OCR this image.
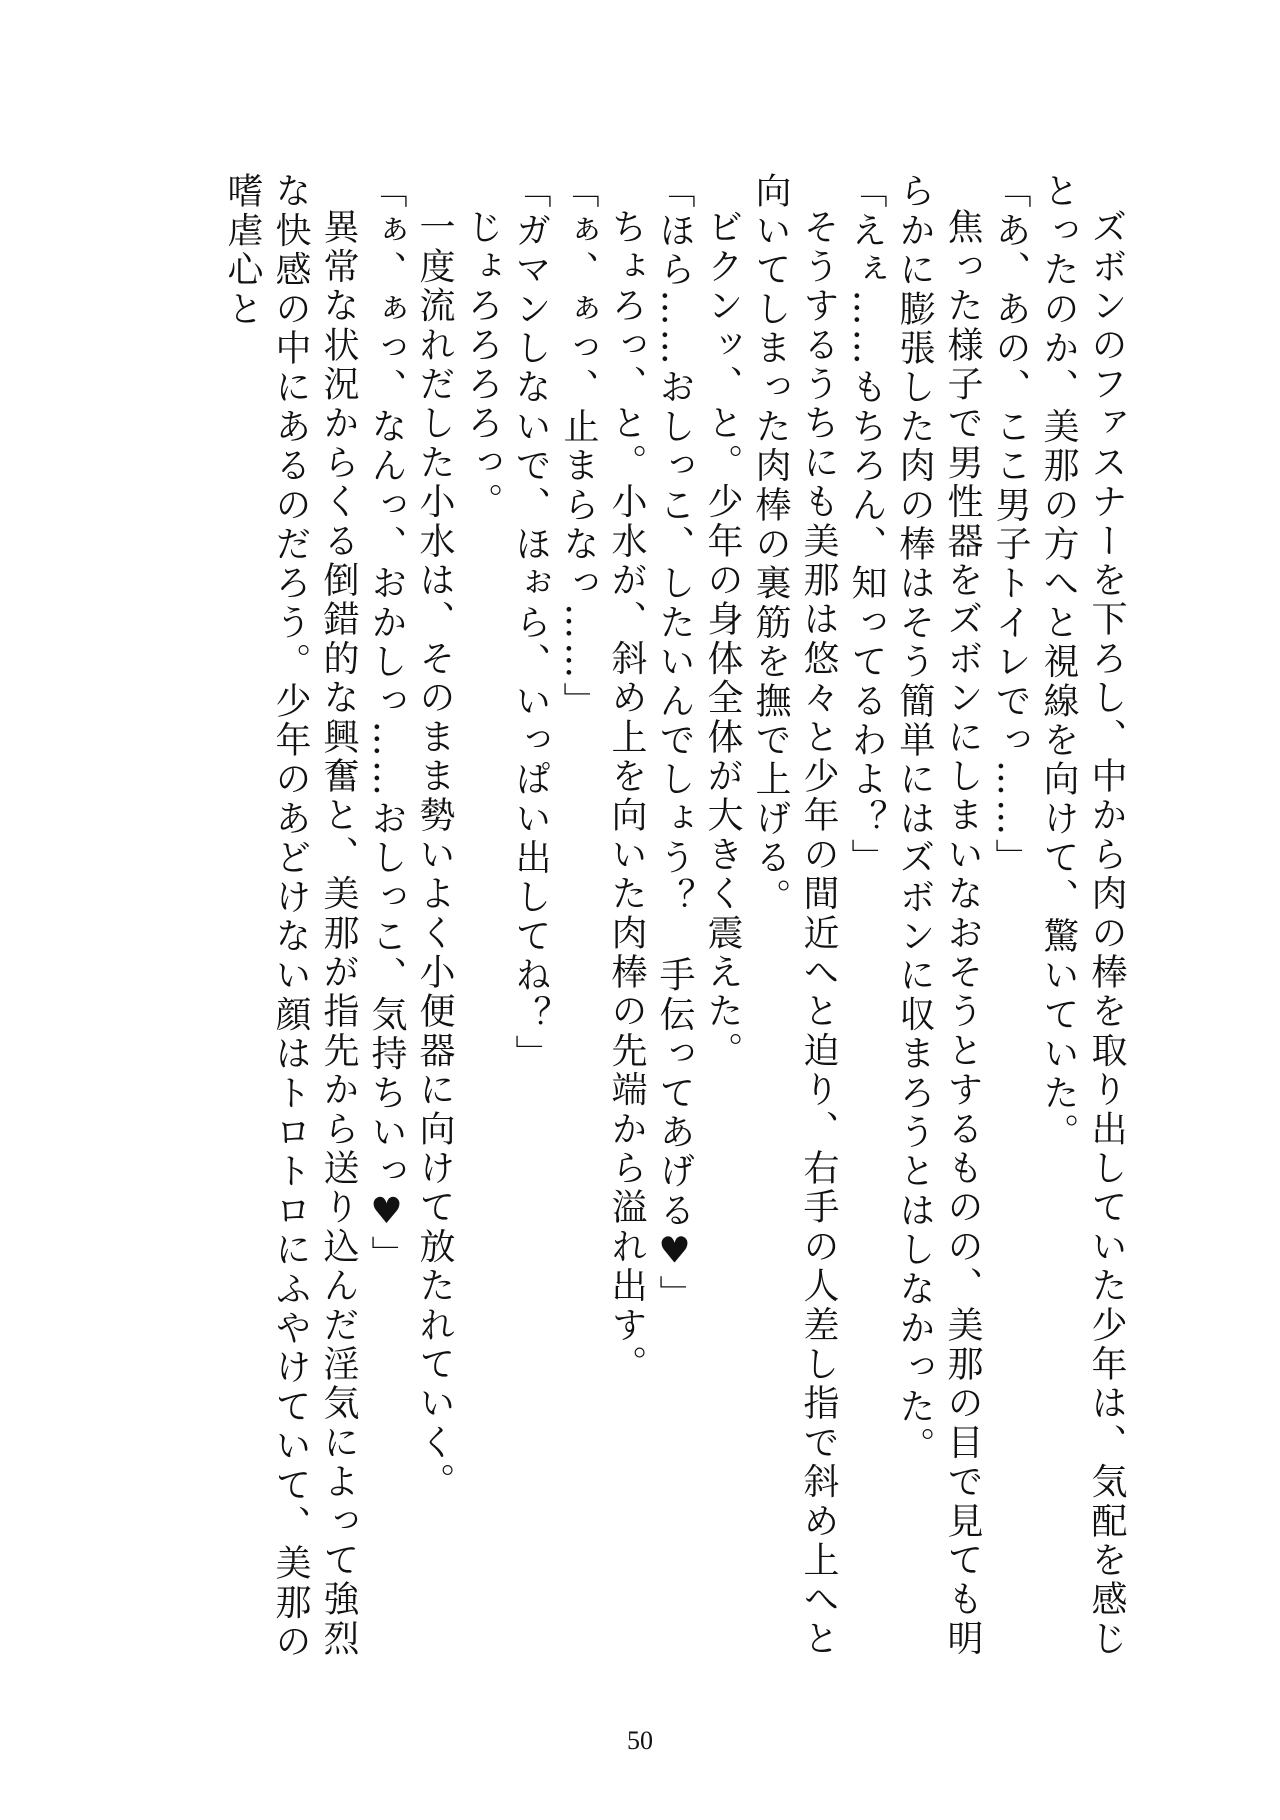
ズボンのファスナーを下ろし、中から肉の棒を取り出していた少年は、気配を感じとったのか、美那の方へと視線を向けて、驚いていた。

「あ、あの、ここ男子トイレでっ……」

焦った様子で男性器をズボンにしまいなおそうとするものの、美那の目で見ても明らかに膨張した肉の棒はそう簡単にはズボンに収まろうとはしなかった。

「えぇ……もちろん、知ってるわよ？」

そうするうちにも美那は悠々と少年の間近へと迫り、右手の人差し指で斜め上へと向いてしまった肉棒の裏筋を撫で上げる。

ビクンッ、と。少年の身体全体が大きく震えた。

「ほら……おしっこ、したいんでしょう？　手伝ってあげる♥」

ちょろっ、と。小水が、斜め上を向いた肉棒の先端から溢れ出す。

「ぁ、ぁっ、止まらなっ……」

「ガマンしないで、ほぉら、いっぱい出してね？」

じょろろろろっ。

一度流れだした小水は、そのまま勢いよく小便器に向けて放たれていく。

「ぁ、ぁっ、なんっ、おかしっ……おしっこ、気持ちいっ♥」

異常な状況からくる倒錯的な興奮と、美那が指先から送り込んだ淫気によって強烈な快感の中にあるのだろう。少年のあどけない顔はトロトロにふやけていて、美那の嗜虐心と

50
